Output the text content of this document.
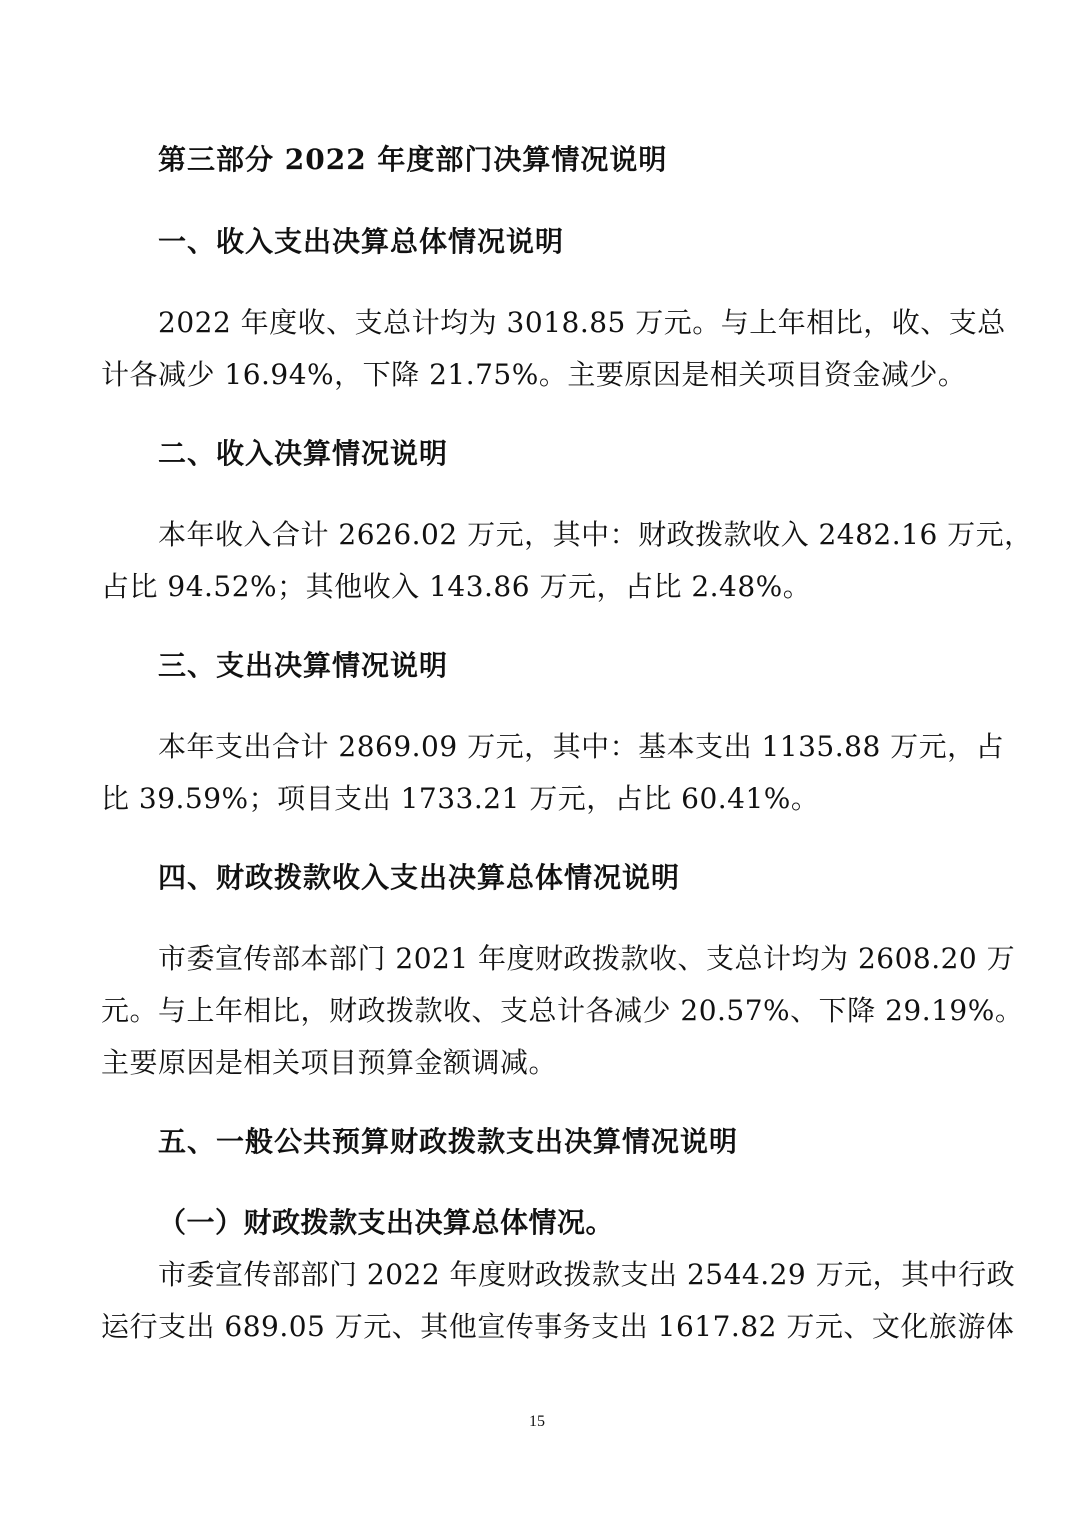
第三部分 2022 年度部门决算情况说明
一、收入支出决算总体情况说明
2022 年度收、支总计均为 3018.85 万元。与上年相比，收、支总
计各减少 16.94%，下降 21.75%。主要原因是相关项目资金减少。
二、收入决算情况说明
本年收入合计 2626.02 万元，其中：财政拨款收入 2482.16 万元，
占比 94.52%；其他收入 143.86 万元，占比 2.48%。
三、支出决算情况说明
本年支出合计 2869.09 万元，其中：基本支出 1135.88 万元，占
比 39.59%；项目支出 1733.21 万元，占比 60.41%。
四、财政拨款收入支出决算总体情况说明
市委宣传部本部门 2021 年度财政拨款收、支总计均为 2608.20 万
元。与上年相比，财政拨款收、支总计各减少 20.57%、下降 29.19%。
主要原因是相关项目预算金额调减。
五、一般公共预算财政拨款支出决算情况说明
（一）财政拨款支出决算总体情况。
市委宣传部部门 2022 年度财政拨款支出 2544.29 万元，其中行政
运行支出 689.05 万元、其他宣传事务支出 1617.82 万元、文化旅游体
15
